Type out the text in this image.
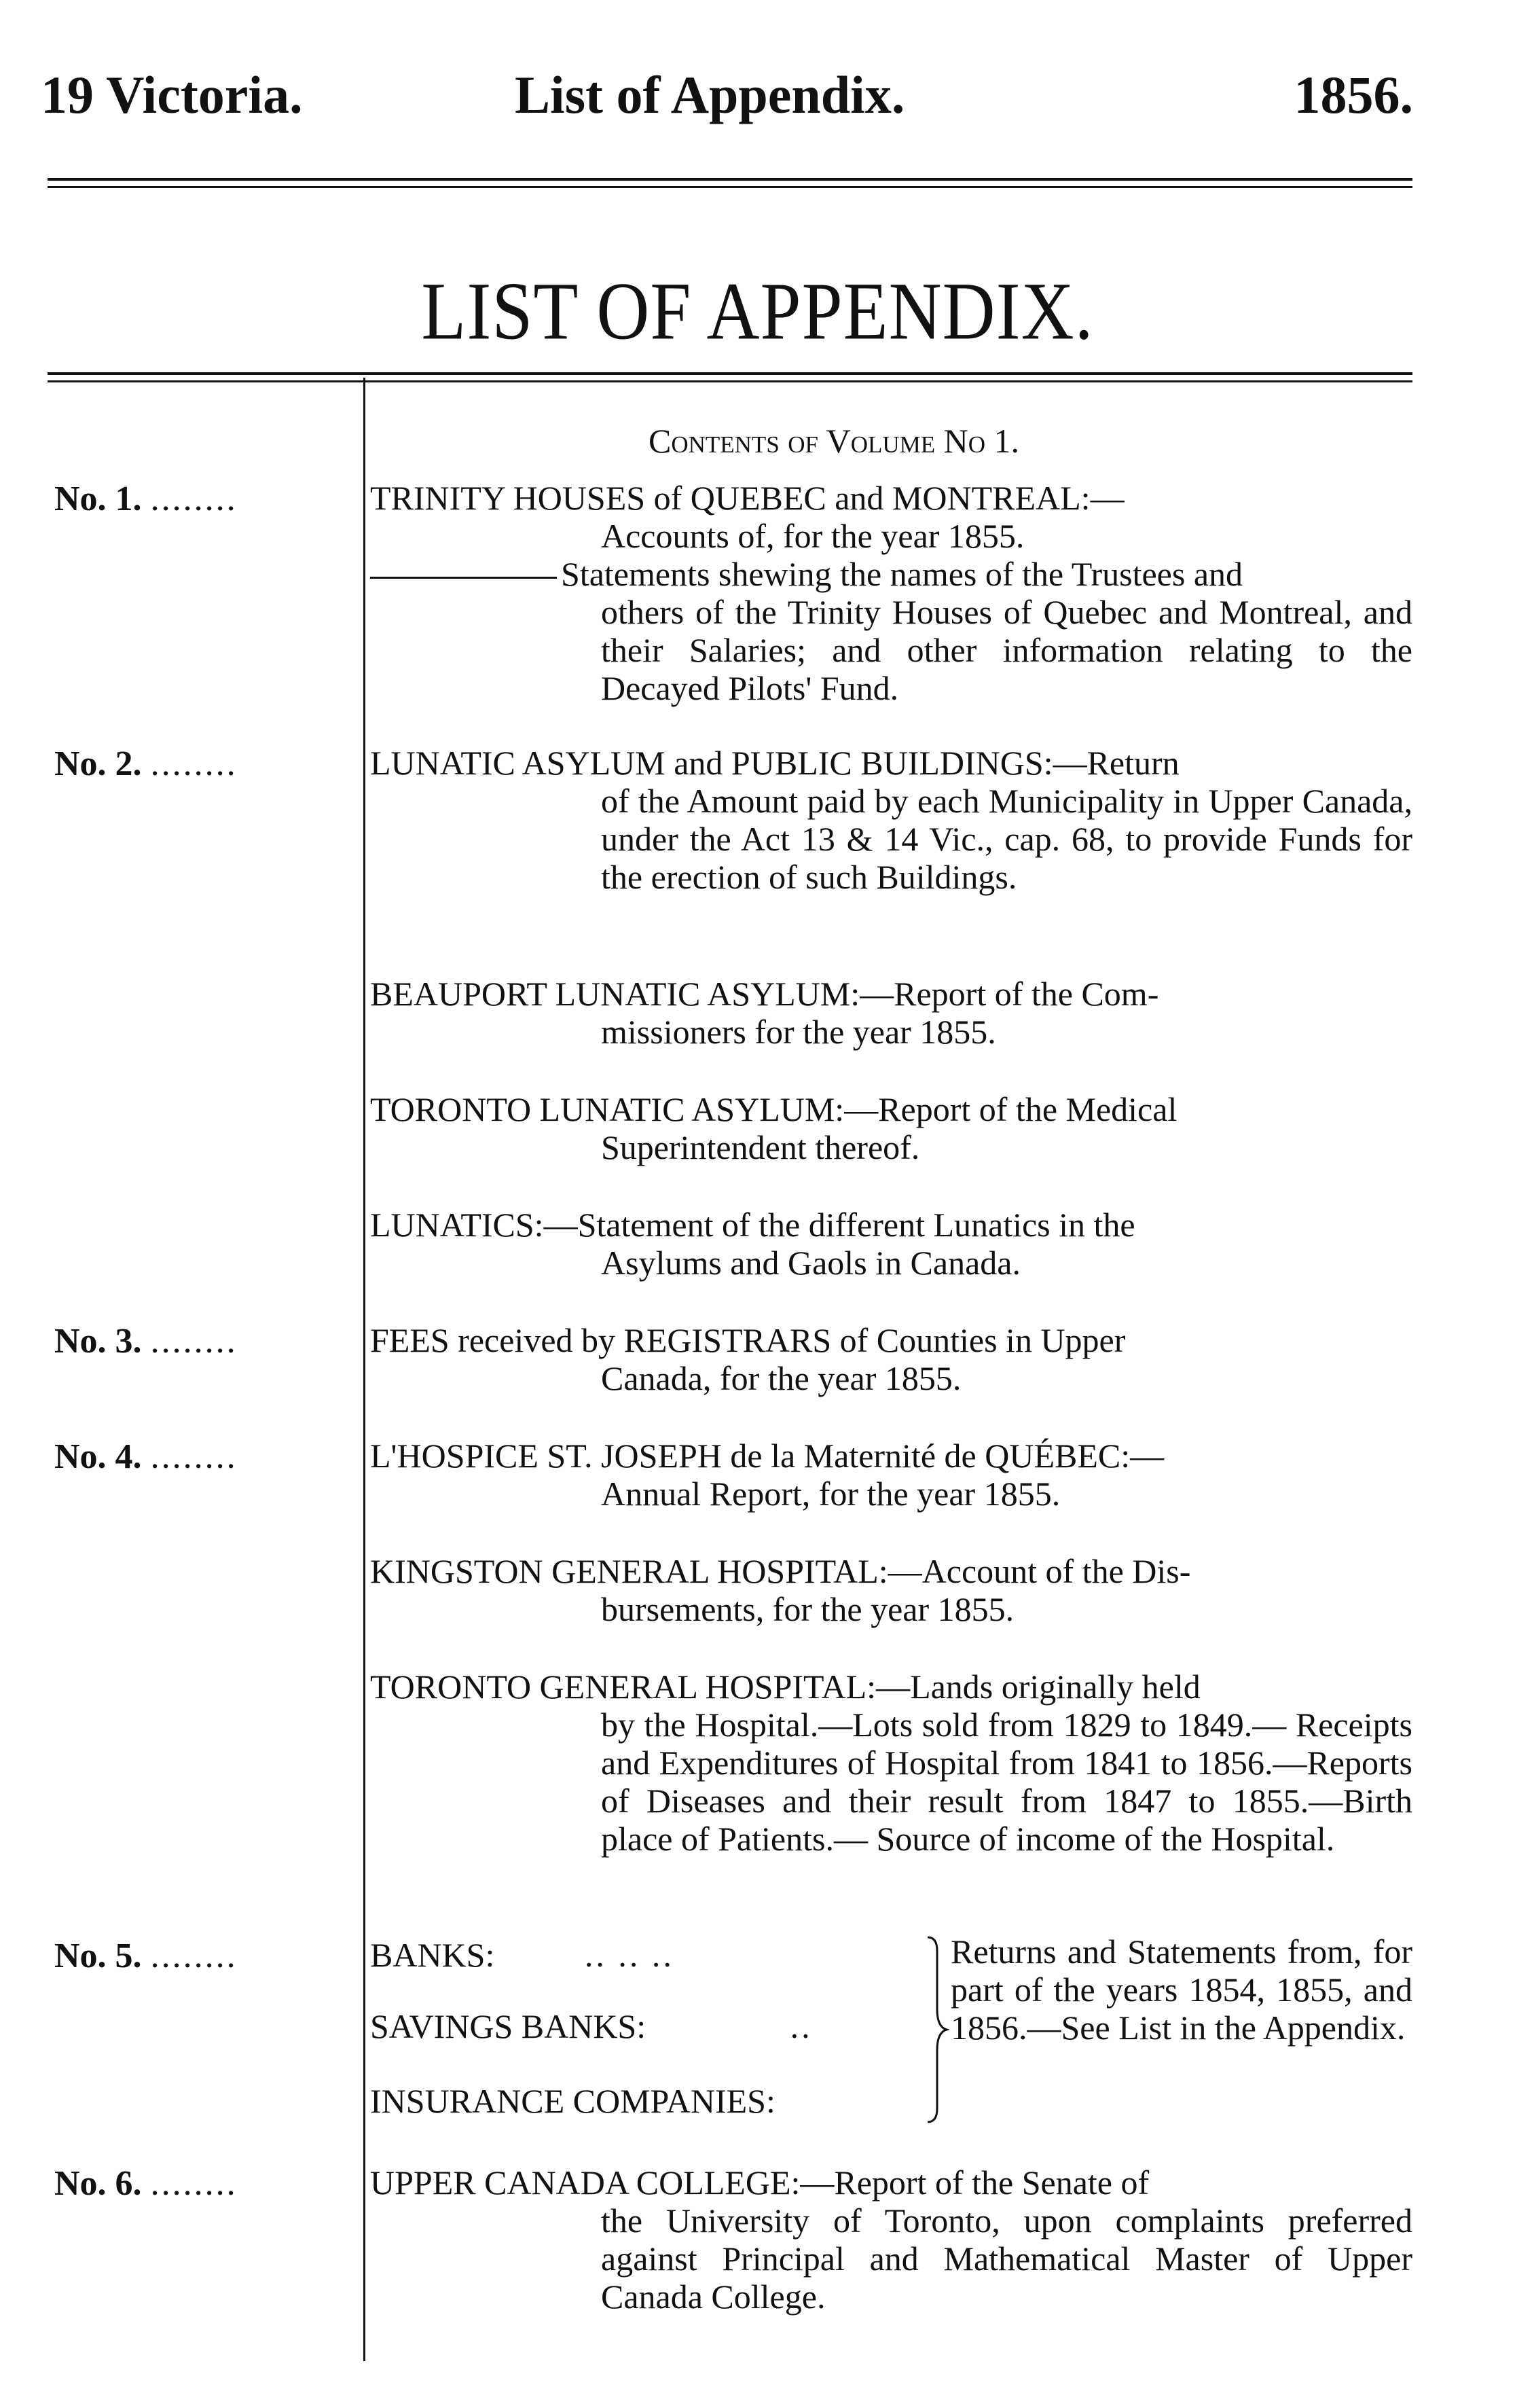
19 Victoria.	List of Appendix.	1856.
LIST OF APPENDIX.
Contents of Volume No 1.
No. 1. ........	TRINITY HOUSES of QUEBEC and MONTREAL:—
Accounts of, for the year 1855.
Statements shewing the names of the Trustees and
others of the Trinity Houses of Quebec and Montreal, and their Salaries; and other information relating to the Decayed Pilots' Fund.
No. 2. ........	LUNATIC ASYLUM and PUBLIC BUILDINGS:—Return
of the Amount paid by each Municipality in Upper Canada, under the Act 13 & 14 Vic., cap. 68, to provide Funds for the erection of such Buildings.
BEAUPORT LUNATIC ASYLUM:—Report of the Com-
missioners for the year 1855.
TORONTO LUNATIC ASYLUM:—Report of the Medical
Superintendent thereof.
LUNATICS:—Statement of the different Lunatics in the
Asylums and Gaols in Canada.
No. 3. ........	FEES received by REGISTRARS of Counties in Upper
Canada, for the year 1855.
No. 4. ........	L'HOSPICE ST. JOSEPH de la Maternité de QUÉBEC:—
Annual Report, for the year 1855.
KINGSTON GENERAL HOSPITAL:—Account of the Dis-
bursements, for the year 1855.
TORONTO GENERAL HOSPITAL:—Lands originally held
by the Hospital.—Lots sold from 1829 to 1849.— Receipts and Expenditures of Hospital from 1841 to 1856.—Reports of Diseases and their result from 1847 to 1855.—Birth place of Patients.— Source of income of the Hospital.
No. 5. ........	BANKS:	.. .. ..
SAVINGS BANKS:	..
INSURANCE COMPANIES:
Returns and Statements from, for part of the years 1854, 1855, and 1856.—See List in the Appendix.
No. 6. ........	UPPER CANADA COLLEGE:—Report of the Senate of
the University of Toronto, upon complaints preferred against Principal and Mathematical Master of Upper Canada College.
